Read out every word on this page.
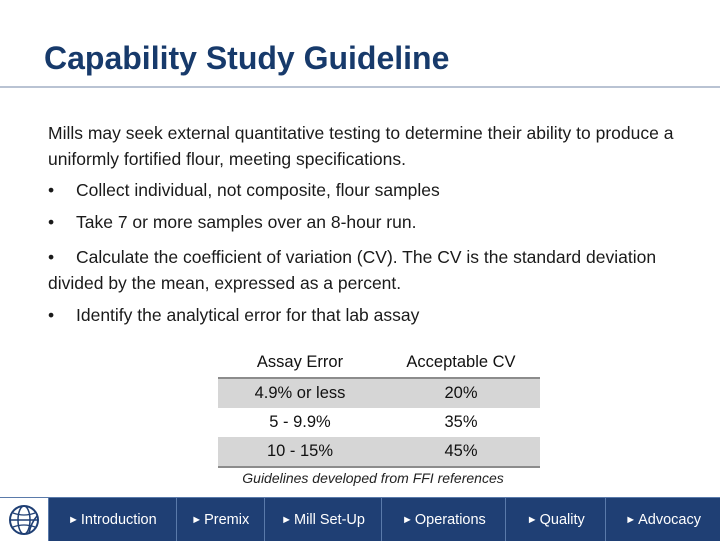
Capability Study Guideline
Mills may seek external quantitative testing to determine their ability to produce a uniformly fortified flour, meeting specifications.
• Collect individual, not composite, flour samples
• Take 7 or more samples over an 8-hour run.
• Calculate the coefficient of variation (CV). The CV is the standard deviation divided by the mean, expressed as a percent.
• Identify the analytical error for that lab assay
Assay Error	Acceptable CV
4.9% or less	20%
5 - 9.9%	35%
10 - 15%	45%
Guidelines developed from FFI references
► Introduction	► Premix	► Mill Set-Up	► Operations	► Quality	► Advocacy
